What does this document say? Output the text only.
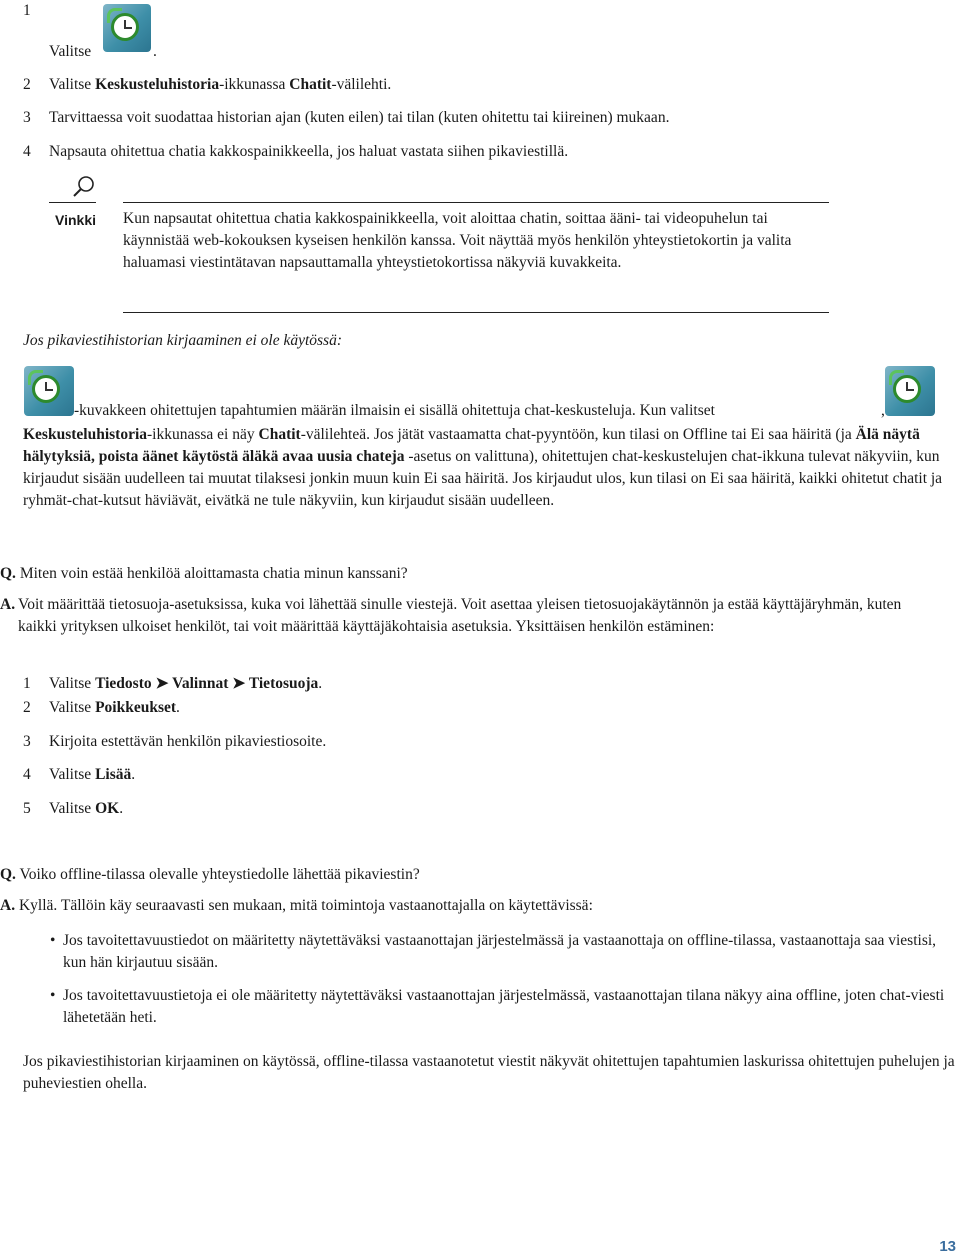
1
Valitse	.
2 Valitse Keskusteluhistoria-ikkunassa Chatit-välilehti.
3 Tarvittaessa voit suodattaa historian ajan (kuten eilen) tai tilan (kuten ohitettu tai kiireinen) mukaan.
4 Napsauta ohitettua chatia kakkospainikkeella, jos haluat vastata siihen pikaviestillä.
Vinkki Kun napsautat ohitettua chatia kakkospainikkeella, voit aloittaa chatin, soittaa ääni- tai videopuhelun tai käynnistää web-kokouksen kyseisen henkilön kanssa. Voit näyttää myös henkilön yhteystietokortin ja valita haluamasi viestintätavan napsauttamalla yhteystietokortissa näkyviä kuvakkeita.
Jos pikaviestihistorian kirjaaminen ei ole käytössä:

-kuvakkeen ohitettujen tapahtumien määrän ilmaisin ei sisällä ohitettuja chat-keskusteluja. Kun valitset	,
Keskusteluhistoria-ikkunassa ei näy Chatit-välilehteä. Jos jätät vastaamatta chat-pyyntöön, kun tilasi on Offline tai Ei saa häiritä (ja Älä näytä hälytyksiä, poista äänet käytöstä äläkä avaa uusia chateja -asetus on valittuna), ohitettujen chat-keskustelujen chat-ikkuna tulevat näkyviin, kun kirjaudut sisään uudelleen tai muutat tilaksesi jonkin muun kuin Ei saa häiritä. Jos kirjaudut ulos, kun tilasi on Ei saa häiritä, kaikki ohitetut chatit ja ryhmät-chat-kutsut häviävät, eivätkä ne tule näkyviin, kun kirjaudut sisään uudelleen.
Q. Miten voin estää henkilöä aloittamasta chatia minun kanssani?
A. Voit määrittää tietosuoja-asetuksissa, kuka voi lähettää sinulle viestejä. Voit asettaa yleisen tietosuojakäytännön ja estää käyttäjäryhmän, kuten kaikki yrityksen ulkoiset henkilöt, tai voit määrittää käyttäjäkohtaisia asetuksia. Yksittäisen henkilön estäminen:
1 Valitse Tiedosto ➤ Valinnat ➤ Tietosuoja.
2 Valitse Poikkeukset.
3 Kirjoita estettävän henkilön pikaviestiosoite.
4 Valitse Lisää.
5 Valitse OK.
Q. Voiko offline-tilassa olevalle yhteystiedolle lähettää pikaviestin?
A. Kyllä. Tällöin käy seuraavasti sen mukaan, mitä toimintoja vastaanottajalla on käytettävissä:
• Jos tavoitettavuustiedot on määritetty näytettäväksi vastaanottajan järjestelmässä ja vastaanottaja on offline-tilassa, vastaanottaja saa viestisi, kun hän kirjautuu sisään.
• Jos tavoitettavuustietoja ei ole määritetty näytettäväksi vastaanottajan järjestelmässä, vastaanottajan tilana näkyy aina offline, joten chat-viesti lähetetään heti.
Jos pikaviestihistorian kirjaaminen on käytössä, offline-tilassa vastaanotetut viestit näkyvät ohitettujen tapahtumien laskurissa ohitettujen puhelujen ja puheviestien ohella.
13
